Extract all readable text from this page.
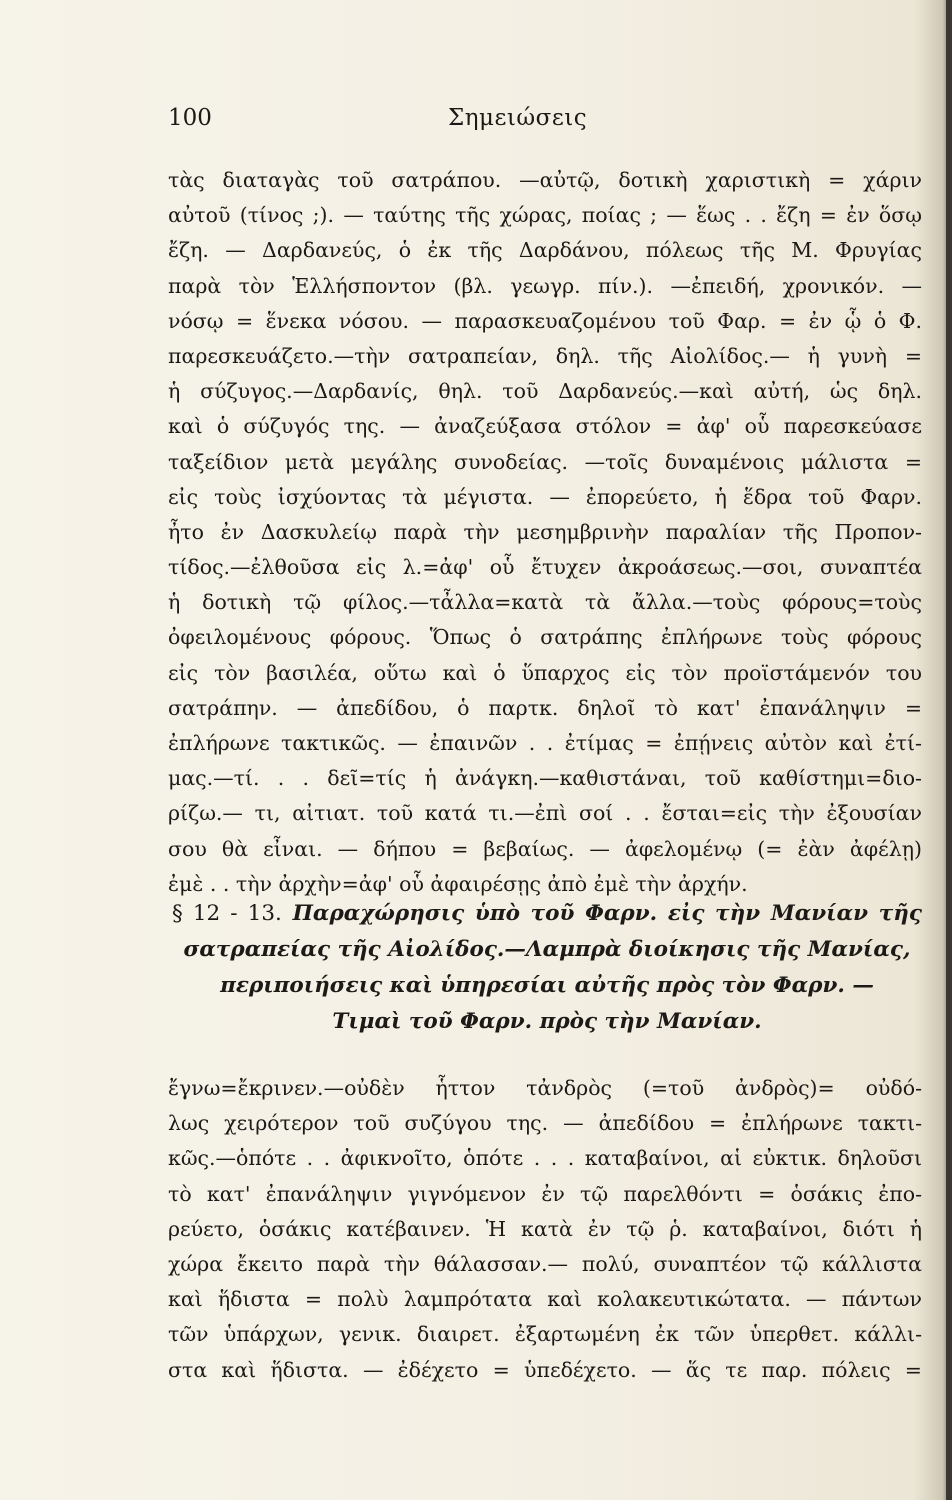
100	Σημειώσεις
τὰς διαταγὰς τοῦ σατράπου. —αὐτῷ, δοτικὴ χαριστικὴ = χάριν
αὐτοῦ (τίνος ;). — ταύτης τῆς χώρας, ποίας ; — ἕως . . ἔζη = ἐν ὅσῳ
ἔζη. — Δαρδανεύς, ὁ ἐκ τῆς Δαρδάνου, πόλεως τῆς Μ. Φρυγίας
παρὰ τὸν Ἑλλήσποντον (βλ. γεωγρ. πίν.). —ἐπειδή, χρονικόν. —
νόσῳ = ἕνεκα νόσου. — παρασκευαζομένου τοῦ Φαρ. = ἐν ᾧ ὁ Φ.
παρεσκευάζετο.—τὴν σατραπείαν, δηλ. τῆς Αἰολίδος.— ἡ γυνὴ =
ἡ σύζυγος.—Δαρδανίς, θηλ. τοῦ Δαρδανεύς.—καὶ αὐτή, ὡς δηλ.
καὶ ὁ σύζυγός της. — ἀναζεύξασα στόλον = ἀφ' οὗ παρεσκεύασε
ταξείδιον μετὰ μεγάλης συνοδείας. —τοῖς δυναμένοις μάλιστα =
εἰς τοὺς ἰσχύοντας τὰ μέγιστα. — ἐπορεύετο, ἡ ἕδρα τοῦ Φαρν.
ἦτο ἐν Δασκυλείῳ παρὰ τὴν μεσημβρινὴν παραλίαν τῆς Προπον-
τίδος.—ἐλθοῦσα εἰς λ.=ἀφ' οὗ ἔτυχεν ἀκροάσεως.—σοι, συναπτέα
ἡ δοτικὴ τῷ φίλος.—τἆλλα=κατὰ τὰ ἄλλα.—τοὺς φόρους=τοὺς
ὀφειλομένους φόρους. Ὅπως ὁ σατράπης ἐπλήρωνε τοὺς φόρους
εἰς τὸν βασιλέα, οὕτω καὶ ὁ ὕπαρχος εἰς τὸν προϊστάμενόν του
σατράπην. — ἀπεδίδου, ὁ παρτκ. δηλοῖ τὸ κατ' ἐπανάληψιν =
ἐπλήρωνε τακτικῶς. — ἐπαινῶν . . ἐτίμας = ἐπῄνεις αὐτὸν καὶ ἐτί-
μας.—τί. . . δεῖ=τίς ἡ ἀνάγκη.—καθιστάναι, τοῦ καθίστημι=διο-
ρίζω.— τι, αἰτιατ. τοῦ κατά τι.—ἐπὶ σοί . . ἔσται=εἰς τὴν ἐξουσίαν
σου θὰ εἶναι. — δήπου = βεβαίως. — ἀφελομένῳ (= ἐὰν ἀφέλῃ)
ἐμὲ . . τὴν ἀρχὴν=ἀφ' οὗ ἀφαιρέσῃς ἀπὸ ἐμὲ τὴν ἀρχήν.
§ 12 - 13. Παραχώρησις ὑπὸ τοῦ Φαρν. εἰς τὴν Μανίαν τῆς
σατραπείας τῆς Αἰολίδος.—Λαμπρὰ διοίκησις τῆς Μανίας,
περιποιήσεις καὶ ὑπηρεσίαι αὐτῆς πρὸς τὸν Φαρν. —
Τιμαὶ τοῦ Φαρν. πρὸς τὴν Μανίαν.
ἔγνω=ἔκρινεν.—οὐδὲν ἧττον τἀνδρὸς (=τοῦ ἀνδρὸς)= οὐδό-
λως χειρότερον τοῦ συζύγου της. — ἀπεδίδου = ἐπλήρωνε τακτι-
κῶς.—ὁπότε . . ἀφικνοῖτο, ὁπότε . . . καταβαίνοι, αἱ εὐκτικ. δηλοῦσι
τὸ κατ' ἐπανάληψιν γιγνόμενον ἐν τῷ παρελθόντι = ὁσάκις ἐπο-
ρεύετο, ὁσάκις κατέβαινεν. Ἡ κατὰ ἐν τῷ ῥ. καταβαίνοι, διότι ἡ
χώρα ἔκειτο παρὰ τὴν θάλασσαν.— πολύ, συναπτέον τῷ κάλλιστα
καὶ ἥδιστα = πολὺ λαμπρότατα καὶ κολακευτικώτατα. — πάντων
τῶν ὑπάρχων, γενικ. διαιρετ. ἐξαρτωμένη ἐκ τῶν ὑπερθετ. κάλλι-
στα καὶ ἥδιστα. — ἐδέχετο = ὑπεδέχετο. — ἅς τε παρ. πόλεις =
